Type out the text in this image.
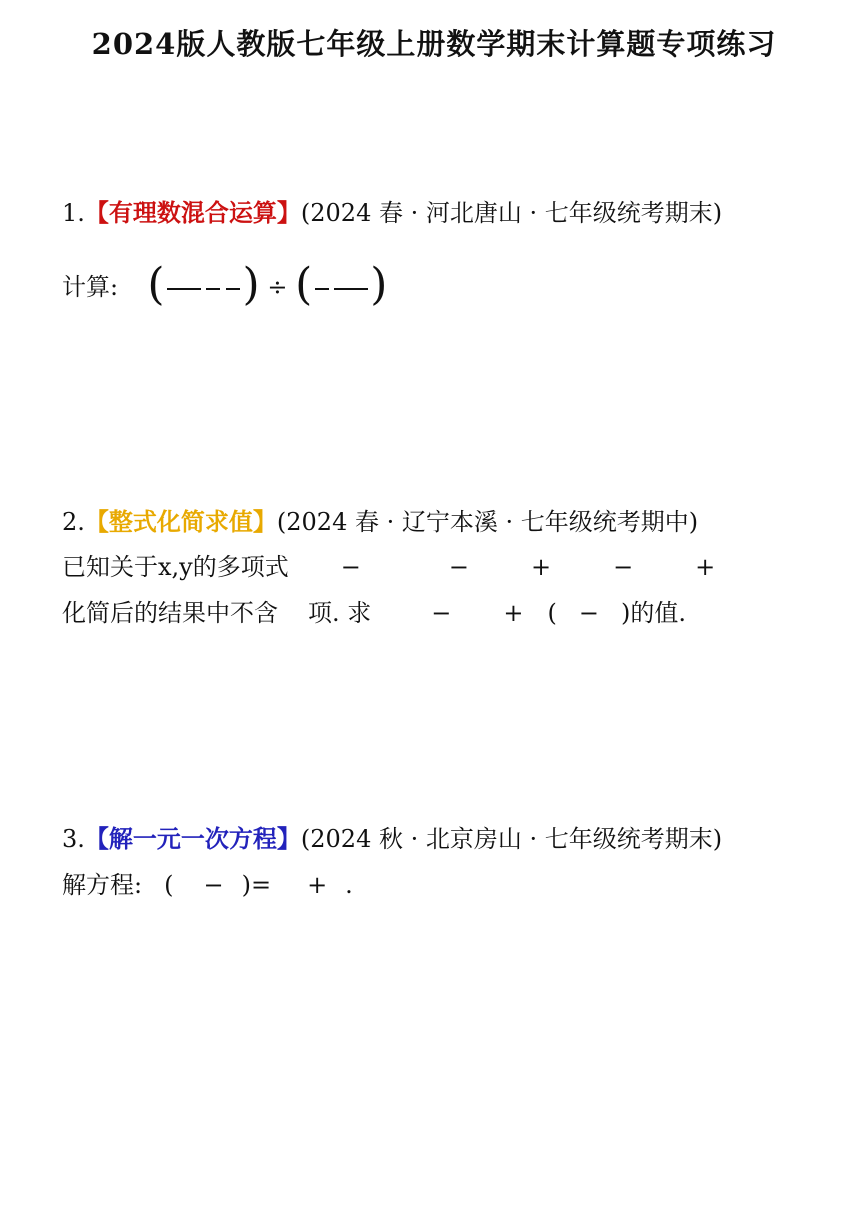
2024版人教版七年级上册数学期末计算题专项练习
1.【有理数混合运算】(2024 春 · 河北唐山 · 七年级统考期末)
计算: ( ) ÷ ( )
2.【整式化简求值】(2024 春 · 辽宁本溪 · 七年级统考期中)
已知关于x,y的多项式 −	−	+	−	+
化简后的结果中不含 项. 求	− + ( − )的值.
3.【解一元一次方程】(2024 秋 · 北京房山 · 七年级统考期末)
解方程: ( − )= + .
